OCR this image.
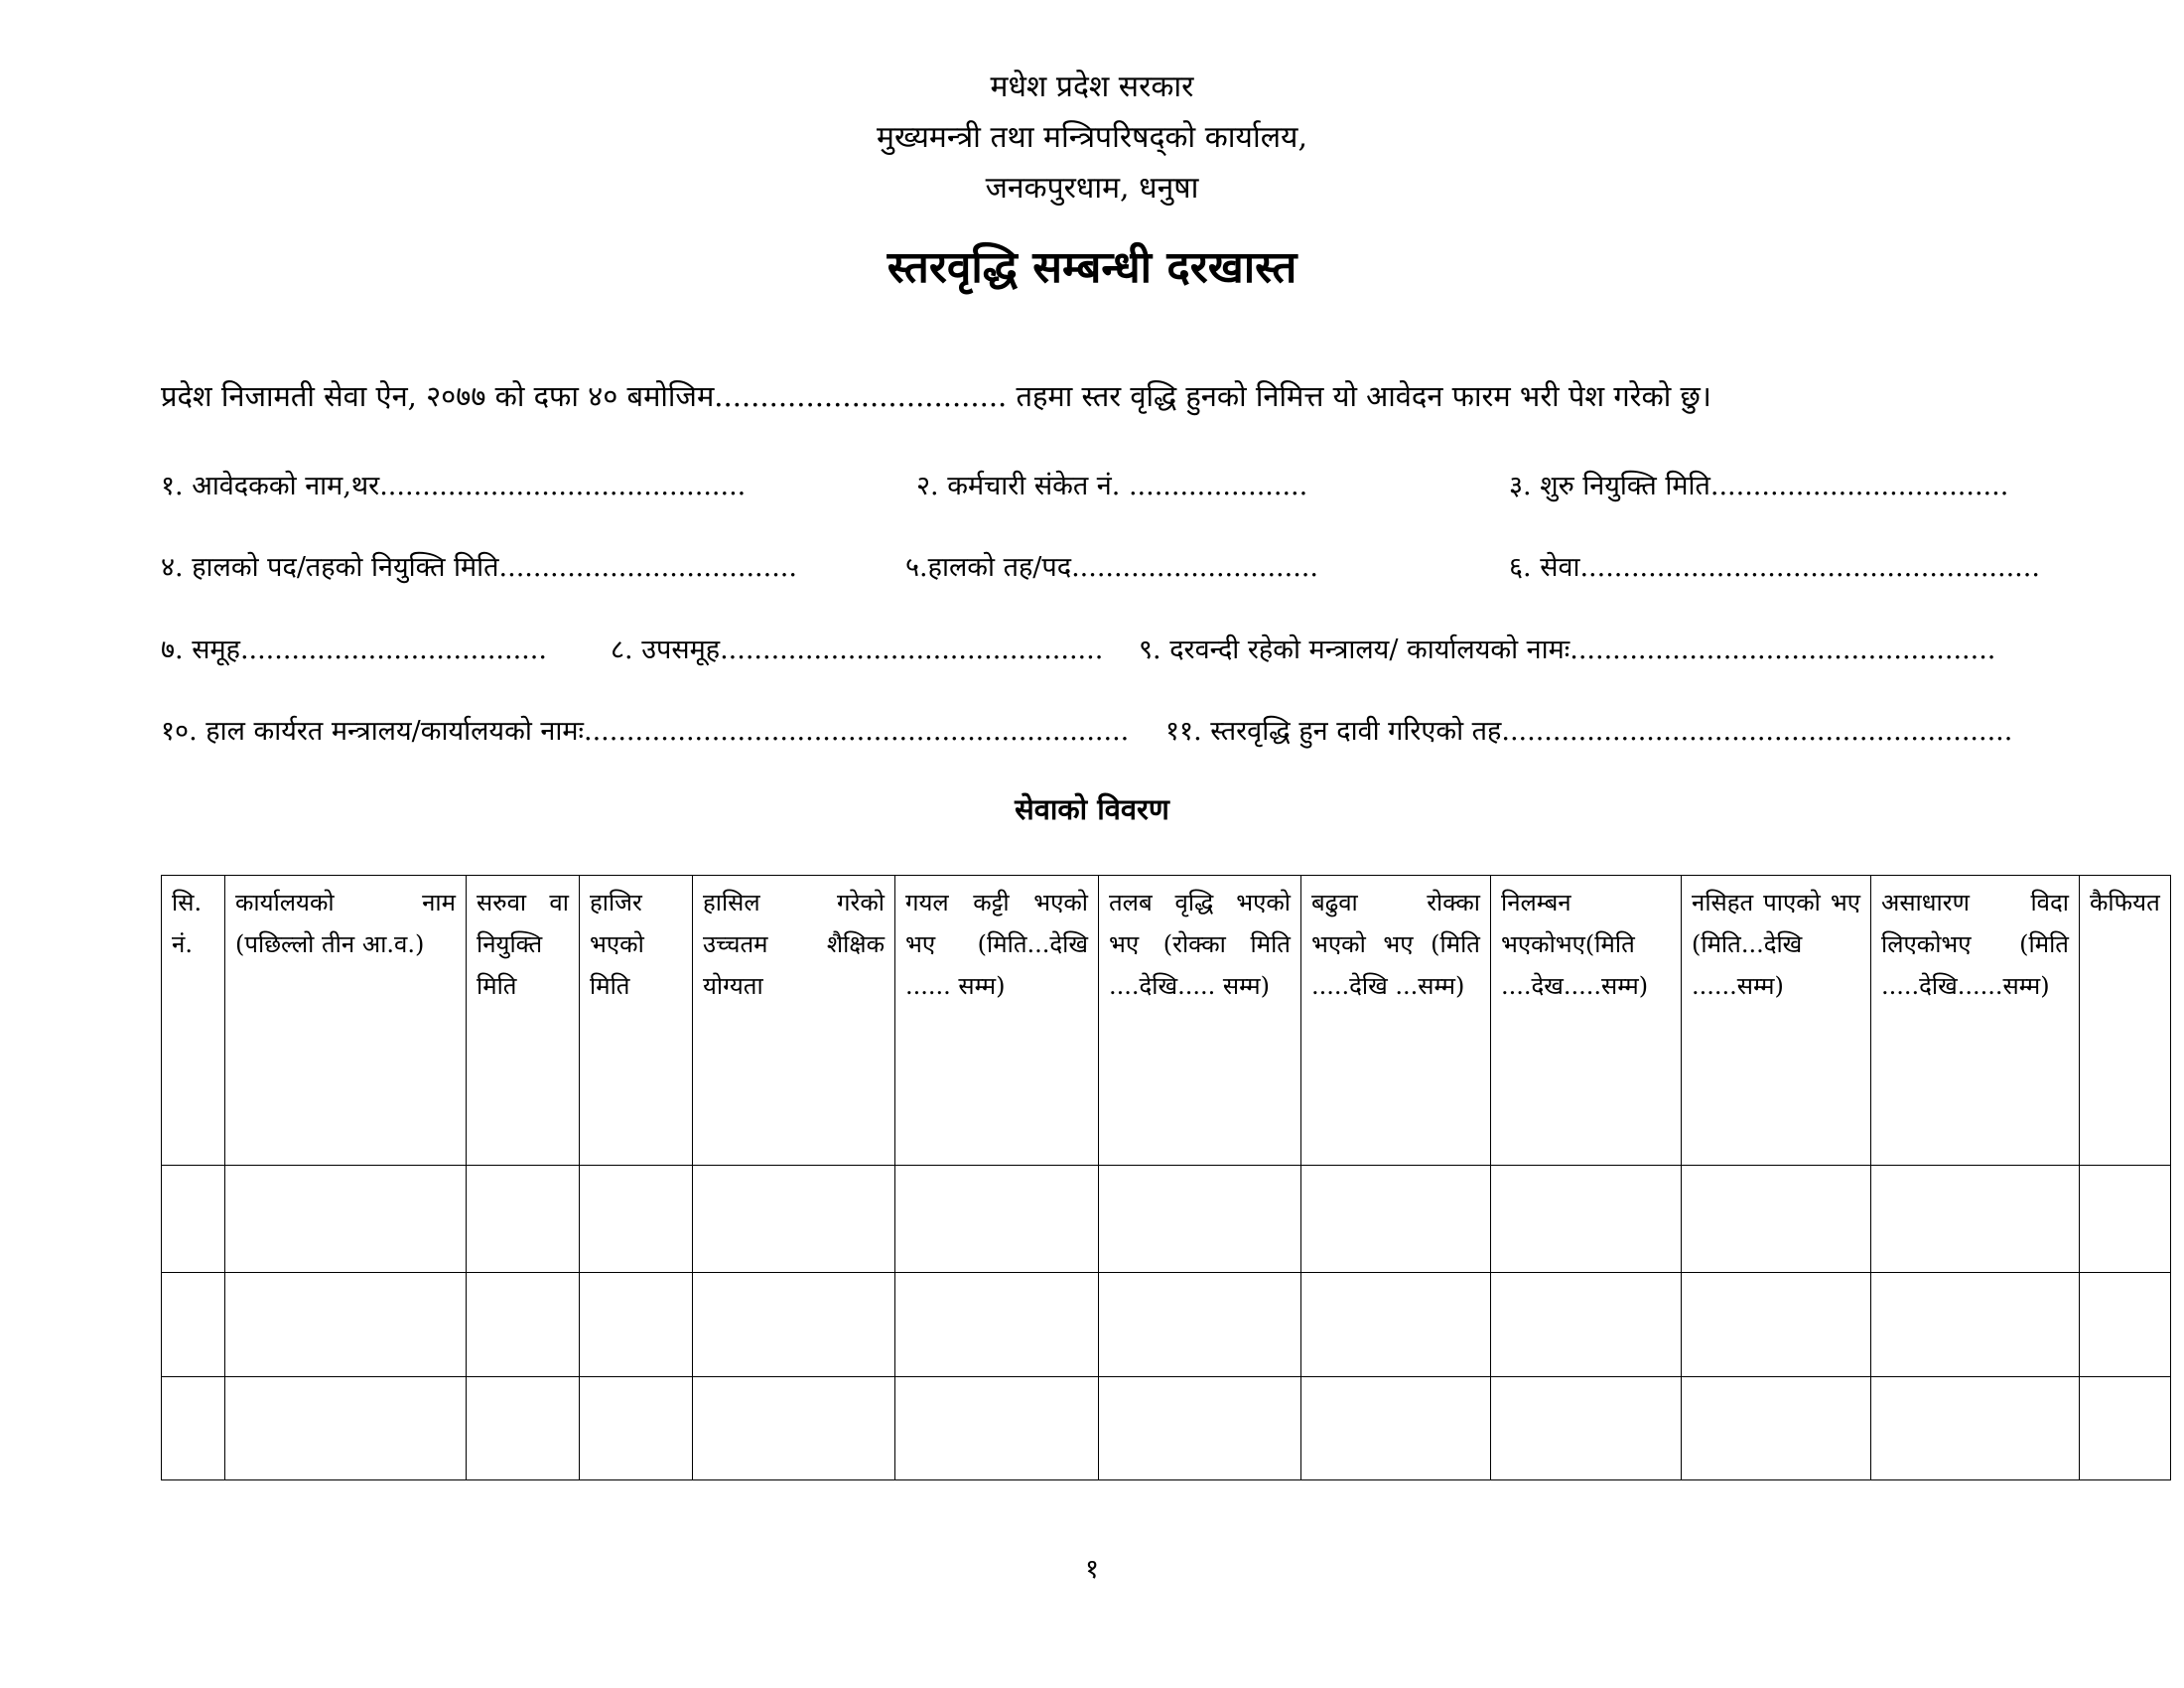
मधेश प्रदेश सरकार
मुख्यमन्त्री तथा मन्त्रिपरिषद्को कार्यालय,
जनकपुरधाम, धनुषा
स्तरवृद्धि सम्बन्धी दरखास्त
प्रदेश निजामती सेवा ऐन, २०७७ को दफा ४० बमोजिम................................ तहमा स्तर वृद्धि हुनको निमित्त यो आवेदन फारम भरी पेश गरेको छु।
१. आवेदकको नाम,थर...........................................	२. कर्मचारी संकेत नं. .....................	३. शुरु नियुक्ति मिति...................................
४. हालको पद/तहको नियुक्ति मिति...................................	५.हालको तह/पद.............................	६. सेवा......................................................
७. समूह.................................... ८. उपसमूह............................................. ९. दरवन्दी रहेको मन्त्रालय/ कार्यालयको नामः..................................................
१०. हाल कार्यरत मन्त्रालय/कार्यालयको नामः................................................................ ११. स्तरवृद्धि हुन दावी गरिएको तह............................................................
सेवाको विवरण
सि. नं.	कार्यालयको नाम (पछिल्लो तीन आ.व.)	सरुवा वा नियुक्ति मिति	हाजिर भएको मिति	हासिल गरेको उच्चतम शैक्षिक योग्यता	गयल कट्टी भएको भए (मिति...देखि ...... सम्म)	तलब वृद्धि भएको भए (रोक्का मिति ....देखि..... सम्म)	बढुवा रोक्का भएको भए (मिति .....देखि ...सम्म)	निलम्बन भएकोभए(मिति ....देख.....सम्म)	नसिहत पाएको भए (मिति...देखि ......सम्म)	असाधारण विदा लिएकोभए (मिति .....देखि......सम्म)	कैफियत

१
